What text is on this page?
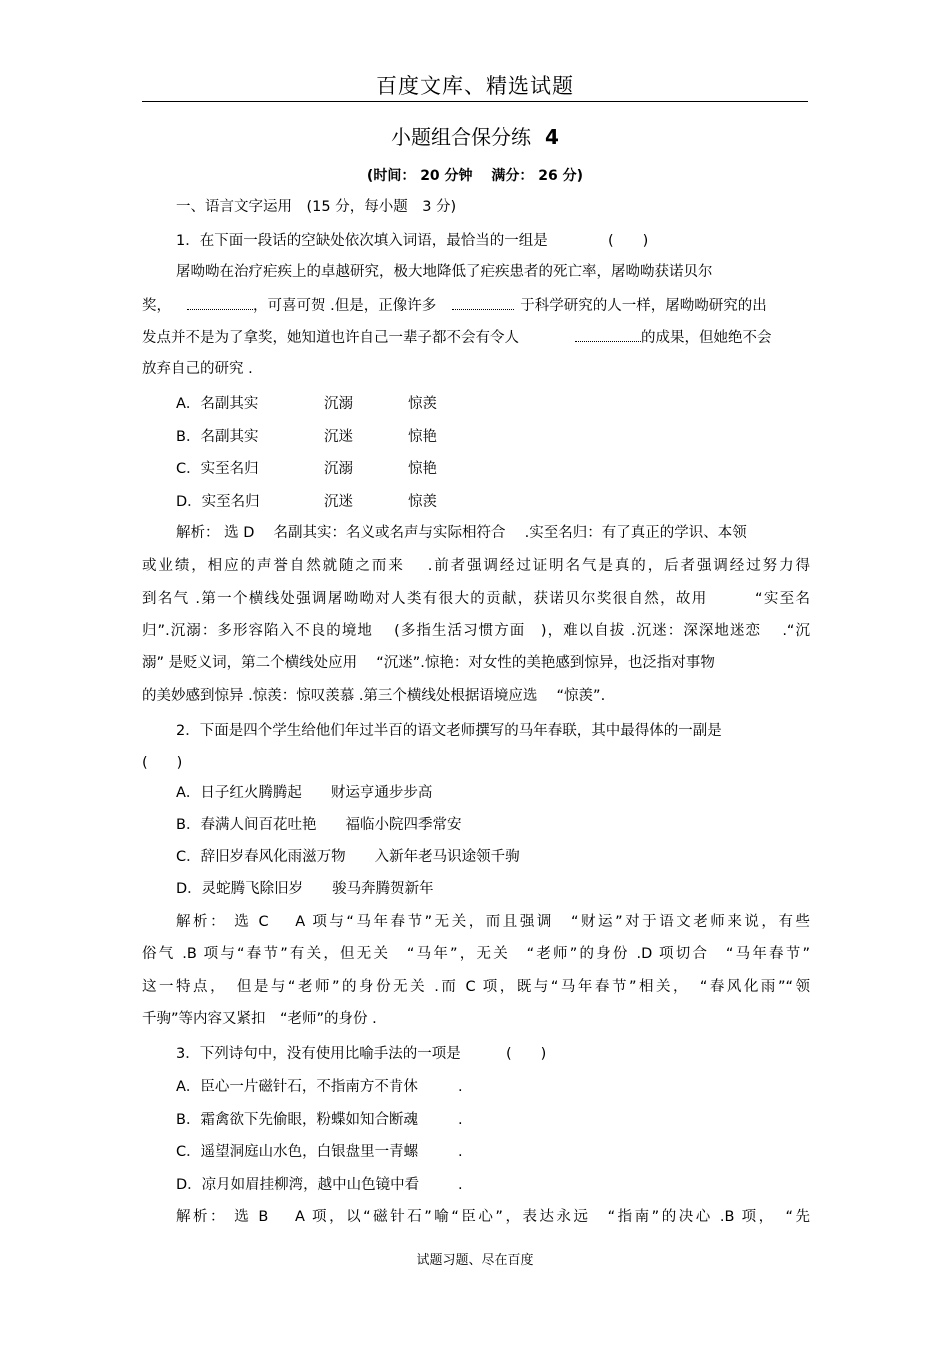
百度文库、精选试题
小题组合保分练 4
(时间： 20 分钟　 满分： 26 分)
一、语言文字运用　(15 分，每小题　3 分)
1．在下面一段话的空缺处依次填入词语，最恰当的一组是	(　　)
屠呦呦在治疗疟疾上的卓越研究，极大地降低了疟疾患者的死亡率，屠呦呦获诺贝尔
奖，	，可喜可贺 .但是，正像许多	于科学研究的人一样，屠呦呦研究的出
发点并不是为了拿奖，她知道也许自己一辈子都不会有令人	的成果，但她绝不会
放弃自己的研究 .
A．名副其实	沉溺	惊羡
B．名副其实	沉迷	惊艳
C．实至名归	沉溺	惊艳
D．实至名归	沉迷	惊羡
解析： 选 D　 名副其实：名义或名声与实际相符合　 .实至名归：有了真正的学识、本领
或业绩，相应的声誉自然就随之而来　 .前者强调经过证明名气是真的，后者强调经过努力得
到名气 .第一个横线处强调屠呦呦对人类有很大的贡献，获诺贝尔奖很自然，故用　　　“实至名
归”.沉溺：多形容陷入不良的境地　 (多指生活习惯方面　)，难以自拔 .沉迷：深深地迷恋　 .“沉
溺” 是贬义词，第二个横线处应用　 “沉迷”.惊艳：对女性的美艳感到惊异，也泛指对事物
的美妙感到惊异 .惊羡：惊叹羡慕 .第三个横线处根据语境应选　 “惊羡”.
2．下面是四个学生给他们年过半百的语文老师撰写的马年春联，其中最得体的一副是
(　　)
A．日子红火腾腾起　　财运亨通步步高
B．春满人间百花吐艳　　福临小院四季常安
C．辞旧岁春风化雨滋万物　　入新年老马识途领千驹
D．灵蛇腾飞除旧岁　　骏马奔腾贺新年
解析： 选 C　 A 项与“马年春节”无关，而且强调　“财运”对于语文老师来说，有些
俗气 .B 项与“春节”有关，但无关　“马年”，无关　“老师”的身份 .D 项切合　“马年春节”
这一特点，　但是与“老师”的身份无关 .而 C 项，既与“马年春节”相关，　“春风化雨”“领
千驹”等内容又紧扣　“老师”的身份 .
3．下列诗句中，没有使用比喻手法的一项是	(　　)
A．臣心一片磁针石，不指南方不肯休	.
B．霜禽欲下先偷眼，粉蝶如知合断魂	.
C．遥望洞庭山水色，白银盘里一青螺	.
D．凉月如眉挂柳湾，越中山色镜中看	.
解析： 选 B　 A 项，以“磁针石”喻“臣心”，表达永远　“指南”的决心 .B 项，　“先
试题习题、尽在百度
